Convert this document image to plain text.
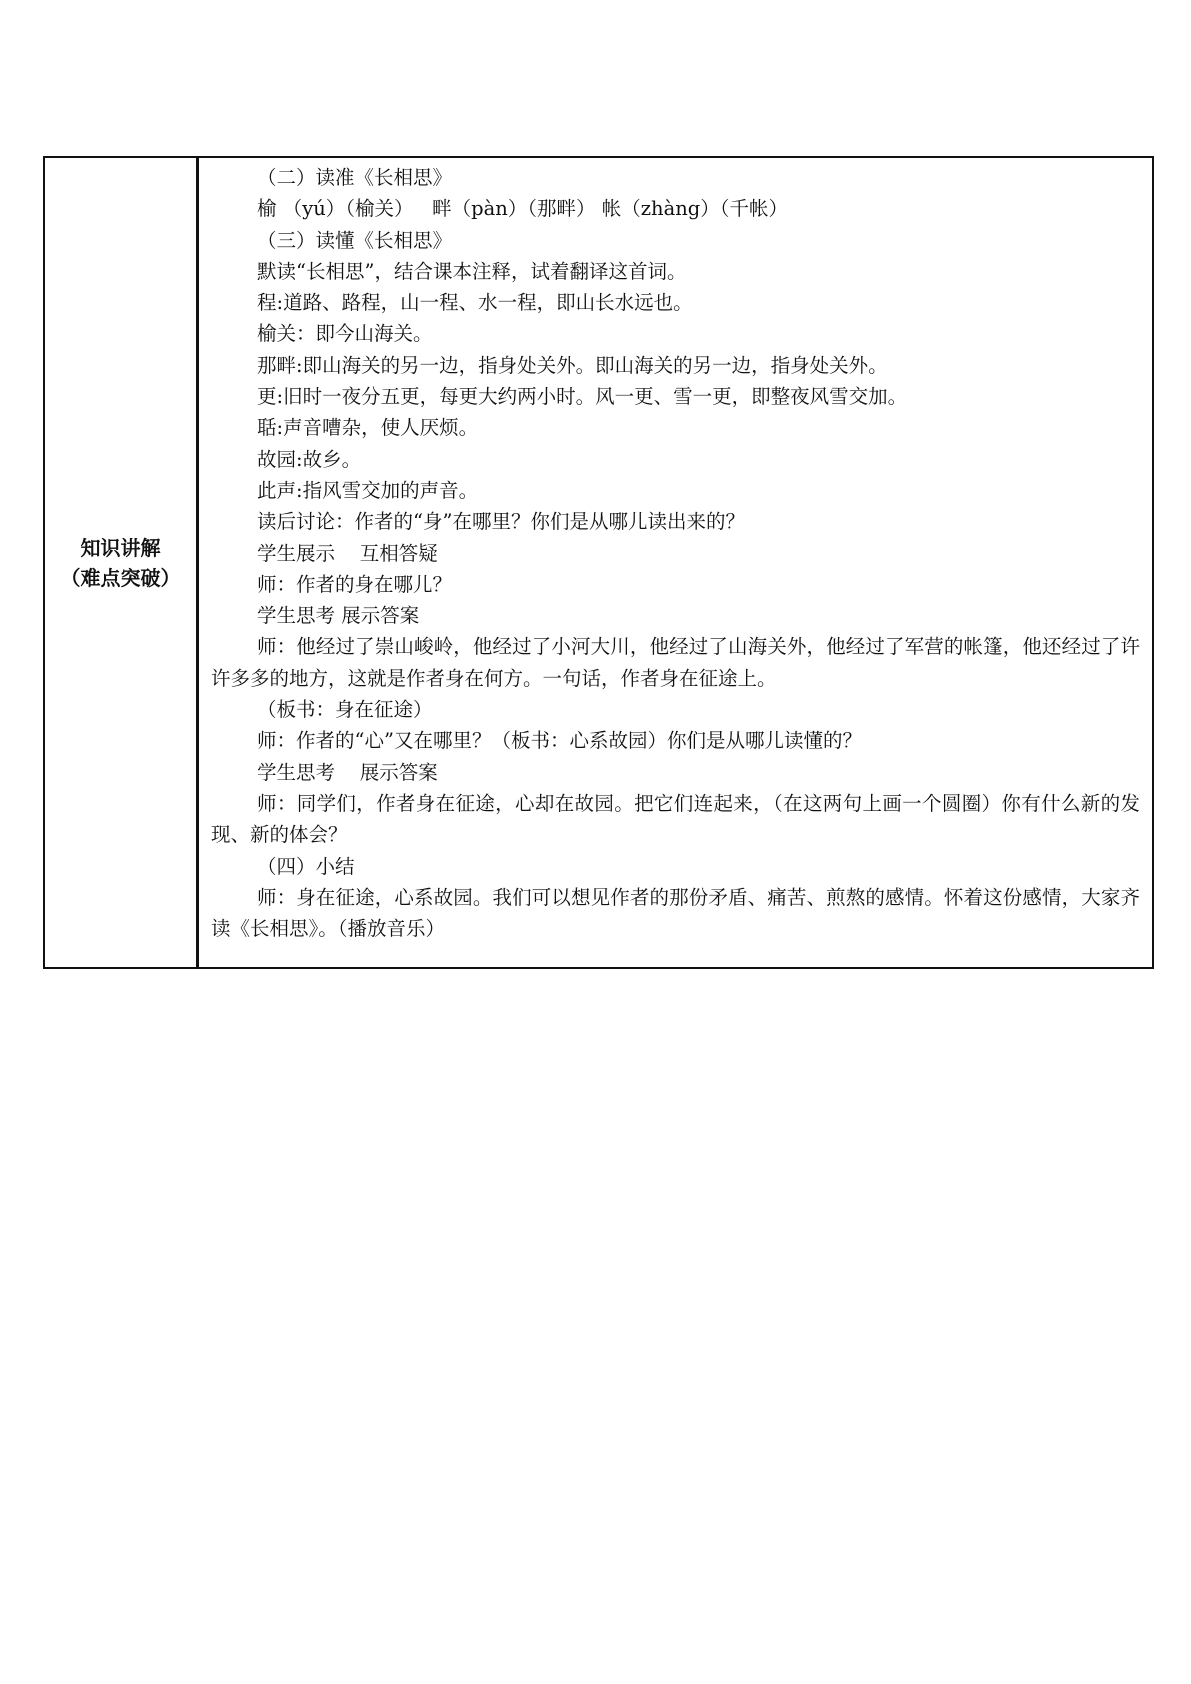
知识讲解
（难点突破）

（二）读准《长相思》

榆 （yú）（榆关）   畔（pàn）（那畔） 帐（zhàng）（千帐）

（三）读懂《长相思》

默读“长相思”，结合课本注释，试着翻译这首词。

程:道路、路程，山一程、水一程，即山长水远也。

榆关：即今山海关。

那畔:即山海关的另一边，指身处关外。即山海关的另一边，指身处关外。

更:旧时一夜分五更，每更大约两小时。风一更、雪一更，即整夜风雪交加。

聒:声音嘈杂，使人厌烦。

故园:故乡。

此声:指风雪交加的声音。

读后讨论：作者的“身”在哪里？你们是从哪儿读出来的？

学生展示    互相答疑

师：作者的身在哪儿？

学生思考 展示答案

师：他经过了崇山峻岭，他经过了小河大川，他经过了山海关外，他经过了军营的帐篷，他还经过了许许多多的地方，这就是作者身在何方。一句话，作者身在征途上。

（板书：身在征途）

师：作者的“心”又在哪里？（板书：心系故园）你们是从哪儿读懂的？

学生思考    展示答案

师：同学们，作者身在征途，心却在故园。把它们连起来，（在这两句上画一个圆圈）你有什么新的发现、新的体会？

（四）小结

师：身在征途，心系故园。我们可以想见作者的那份矛盾、痛苦、煎熬的感情。怀着这份感情，大家齐读《长相思》。（播放音乐）
